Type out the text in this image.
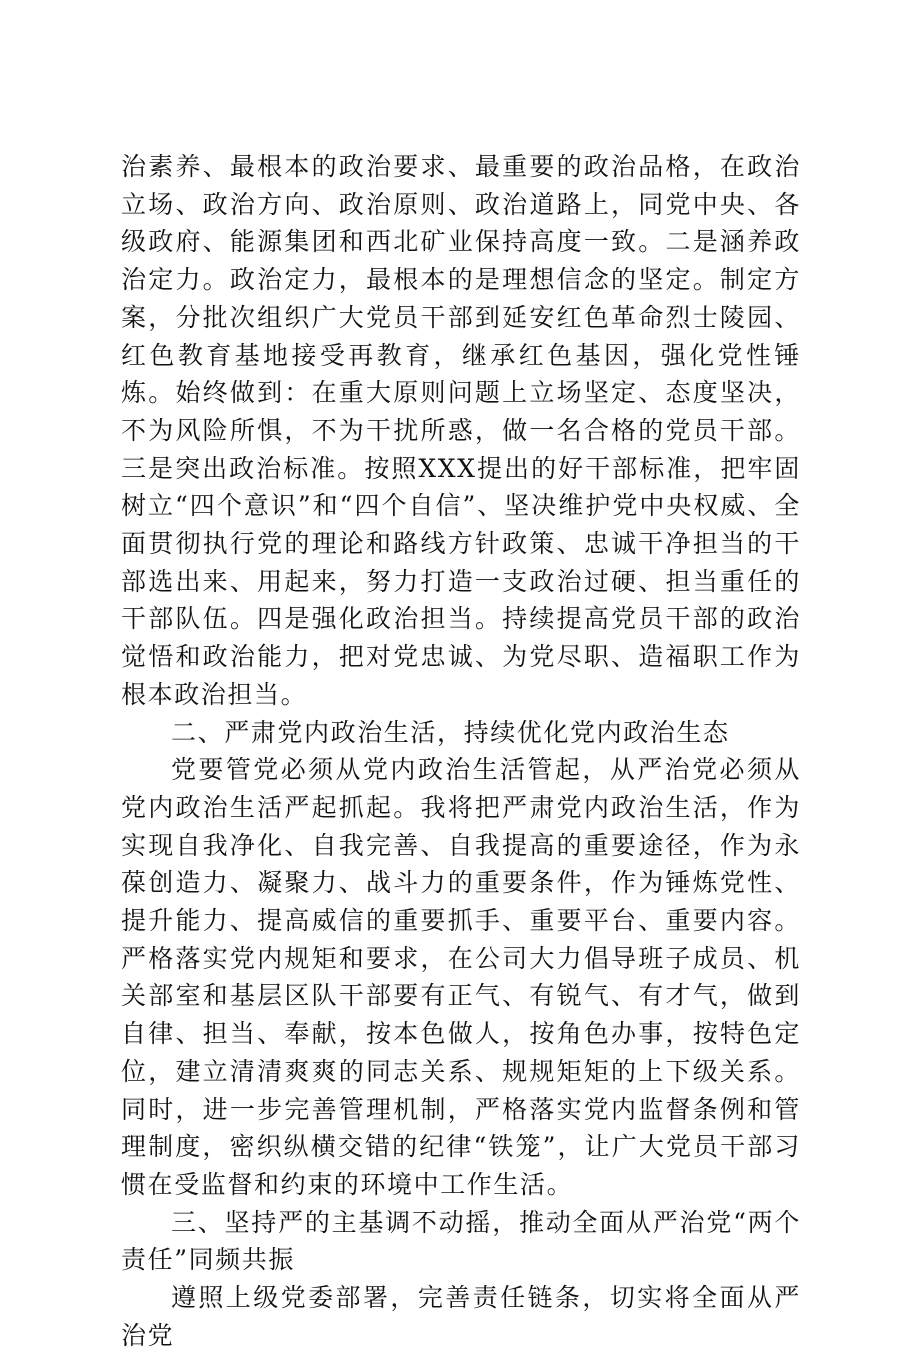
治素养、最根本的政治要求、最重要的政治品格，在政治立场、政治方向、政治原则、政治道路上，同党中央、各级政府、能源集团和西北矿业保持高度一致。二是涵养政治定力。政治定力，最根本的是理想信念的坚定。制定方案，分批次组织广大党员干部到延安红色革命烈士陵园、红色教育基地接受再教育，继承红色基因，强化党性锤炼。始终做到：在重大原则问题上立场坚定、态度坚决，不为风险所惧，不为干扰所惑，做一名合格的党员干部。三是突出政治标准。按照XXX提出的好干部标准，把牢固树立“四个意识”和“四个自信”、坚决维护党中央权威、全面贯彻执行党的理论和路线方针政策、忠诚干净担当的干部选出来、用起来，努力打造一支政治过硬、担当重任的干部队伍。四是强化政治担当。持续提高党员干部的政治觉悟和政治能力，把对党忠诚、为党尽职、造福职工作为根本政治担当。

二、严肃党内政治生活，持续优化党内政治生态

党要管党必须从党内政治生活管起，从严治党必须从党内政治生活严起抓起。我将把严肃党内政治生活，作为实现自我净化、自我完善、自我提高的重要途径，作为永葆创造力、凝聚力、战斗力的重要条件，作为锤炼党性、提升能力、提高威信的重要抓手、重要平台、重要内容。严格落实党内规矩和要求，在公司大力倡导班子成员、机关部室和基层区队干部要有正气、有锐气、有才气，做到自律、担当、奉献，按本色做人，按角色办事，按特色定位，建立清清爽爽的同志关系、规规矩矩的上下级关系。同时，进一步完善管理机制，严格落实党内监督条例和管理制度，密织纵横交错的纪律“铁笼”，让广大党员干部习惯在受监督和约束的环境中工作生活。

三、坚持严的主基调不动摇，推动全面从严治党“两个责任”同频共振

遵照上级党委部署，完善责任链条，切实将全面从严治党
